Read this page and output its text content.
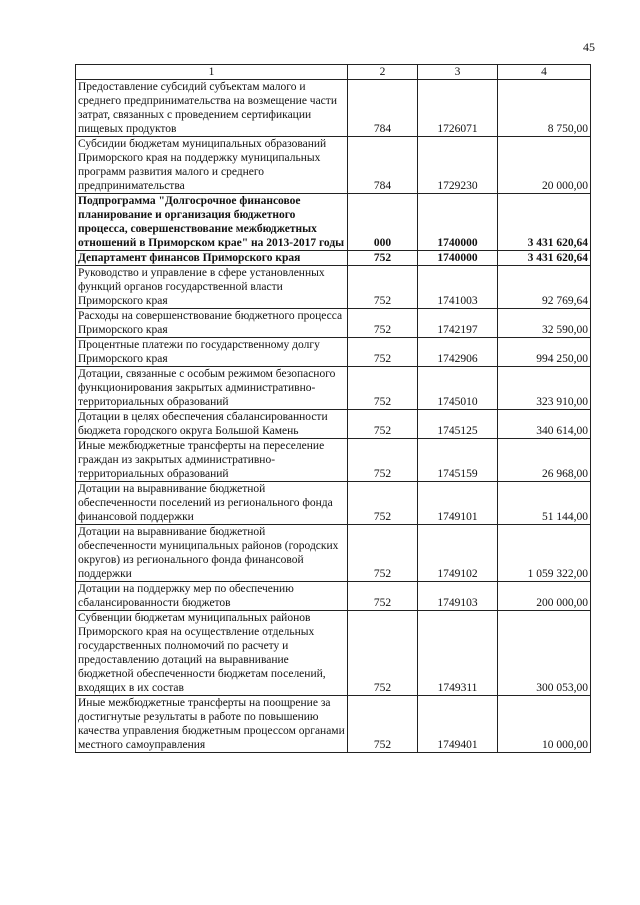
45
1	2	3	4
Предоставление субсидий субъектам малого и среднего предпринимательства на возмещение части затрат, связанных с проведением сертификации пищевых продуктов	784	1726071	8 750,00
Субсидии бюджетам муниципальных образований Приморского края на поддержку муниципальных программ развития малого и среднего предпринимательства	784	1729230	20 000,00
Подпрограмма "Долгосрочное финансовое планирование и организация бюджетного процесса, совершенствование межбюджетных отношений в Приморском крае" на 2013-2017 годы	000	1740000	3 431 620,64
Департамент финансов Приморского края	752	1740000	3 431 620,64
Руководство и управление в сфере установленных функций органов государственной власти Приморского края	752	1741003	92 769,64
Расходы на совершенствование бюджетного процесса Приморского края	752	1742197	32 590,00
Процентные платежи по государственному долгу Приморского края	752	1742906	994 250,00
Дотации, связанные с особым режимом безопасного функционирования закрытых административно-территориальных образований	752	1745010	323 910,00
Дотации в целях обеспечения сбалансированности бюджета городского округа Большой Камень	752	1745125	340 614,00
Иные межбюджетные трансферты на переселение граждан из закрытых административно-территориальных образований	752	1745159	26 968,00
Дотации на выравнивание бюджетной обеспеченности поселений из регионального фонда финансовой поддержки	752	1749101	51 144,00
Дотации на выравнивание бюджетной обеспеченности муниципальных районов (городских округов) из регионального фонда финансовой поддержки	752	1749102	1 059 322,00
Дотации на поддержку мер по обеспечению сбалансированности бюджетов	752	1749103	200 000,00
Субвенции бюджетам муниципальных районов Приморского края на осуществление отдельных государственных полномочий по расчету и предоставлению дотаций на выравнивание бюджетной обеспеченности бюджетам поселений, входящих в их состав	752	1749311	300 053,00
Иные межбюджетные трансферты на поощрение за достигнутые результаты в работе по повышению качества управления бюджетным процессом органами местного самоуправления	752	1749401	10 000,00
